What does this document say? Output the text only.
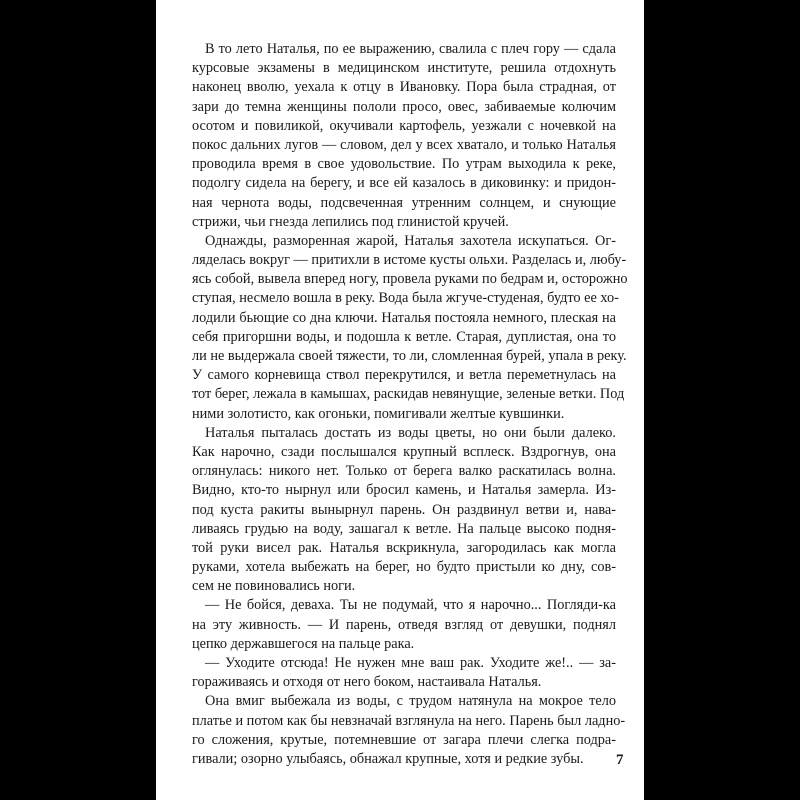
В то лето Наталья, по ее выражению, свалила с плеч гору — сдала
курсовые экзамены в медицинском институте, решила отдохнуть
наконец вволю, уехала к отцу в Ивановку. Пора была страдная, от
зари до темна женщины пололи просо, овес, забиваемые колючим
осотом и повиликой, окучивали картофель, уезжали с ночевкой на
покос дальних лугов — словом, дел у всех хватало, и только Наталья
проводила время в свое удовольствие. По утрам выходила к реке,
подолгу сидела на берегу, и все ей казалось в диковинку: и придон-
ная чернота воды, подсвеченная утренним солнцем, и снующие
стрижи, чьи гнезда лепились под глинистой кручей.
Однажды, разморенная жарой, Наталья захотела искупаться. Ог-
ляделась вокруг — притихли в истоме кусты ольхи. Разделась и, любу-
ясь собой, вывела вперед ногу, провела руками по бедрам и, осторожно
ступая, несмело вошла в реку. Вода была жгуче-студеная, будто ее хо-
лодили бьющие со дна ключи. Наталья постояла немного, плеская на
себя пригоршни воды, и подошла к ветле. Старая, дуплистая, она то
ли не выдержала своей тяжести, то ли, сломленная бурей, упала в реку.
У самого корневища ствол перекрутился, и ветла переметнулась на
тот берег, лежала в камышах, раскидав невянущие, зеленые ветки. Под
ними золотисто, как огоньки, помигивали желтые кувшинки.
Наталья пыталась достать из воды цветы, но они были далеко.
Как нарочно, сзади послышался крупный всплеск. Вздрогнув, она
оглянулась: никого нет. Только от берега валко раскатилась волна.
Видно, кто-то нырнул или бросил камень, и Наталья замерла. Из-
под куста ракиты вынырнул парень. Он раздвинул ветви и, нава-
ливаясь грудью на воду, зашагал к ветле. На пальце высоко подня-
той руки висел рак. Наталья вскрикнула, загородилась как могла
руками, хотела выбежать на берег, но будто пристыли ко дну, сов-
сем не повиновались ноги.
— Не бойся, деваха. Ты не подумай, что я нарочно... Погляди-ка
на эту живность. — И парень, отведя взгляд от девушки, поднял
цепко державшегося на пальце рака.
— Уходите отсюда! Не нужен мне ваш рак. Уходите же!.. — за-
гораживаясь и отходя от него боком, настаивала Наталья.
Она вмиг выбежала из воды, с трудом натянула на мокрое тело
платье и потом как бы невзначай взглянула на него. Парень был ладно-
го сложения, крутые, потемневшие от загара плечи слегка подра-
гивали; озорно улыбаясь, обнажал крупные, хотя и редкие зубы.	7
